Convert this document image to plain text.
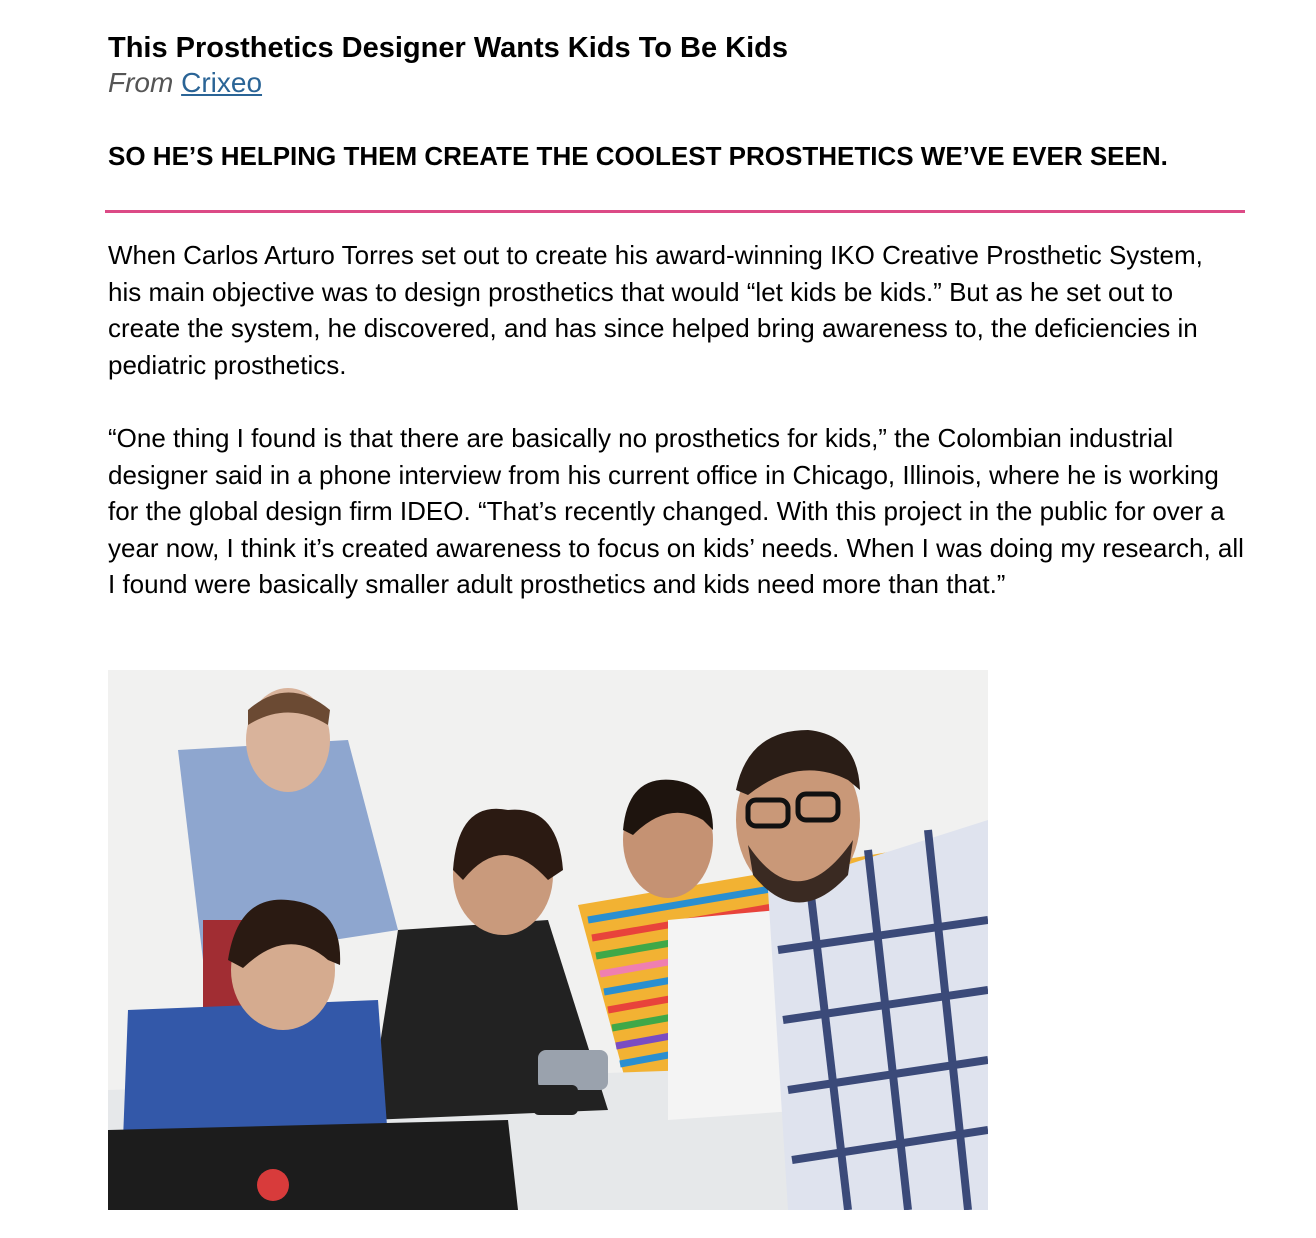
This Prosthetics Designer Wants Kids To Be Kids

From Crixeo

SO HE’S HELPING THEM CREATE THE COOLEST PROSTHETICS WE’VE EVER SEEN.

When Carlos Arturo Torres set out to create his award-winning IKO Creative Prosthetic System, his main objective was to design prosthetics that would “let kids be kids.” But as he set out to create the system, he discovered, and has since helped bring awareness to, the deficiencies in pediatric prosthetics.

“One thing I found is that there are basically no prosthetics for kids,” the Colombian industrial designer said in a phone interview from his current office in Chicago, Illinois, where he is working for the global design firm IDEO. “That’s recently changed. With this project in the public for over a year now, I think it’s created awareness to focus on kids’ needs. When I was doing my research, all I found were basically smaller adult prosthetics and kids need more than that.”
